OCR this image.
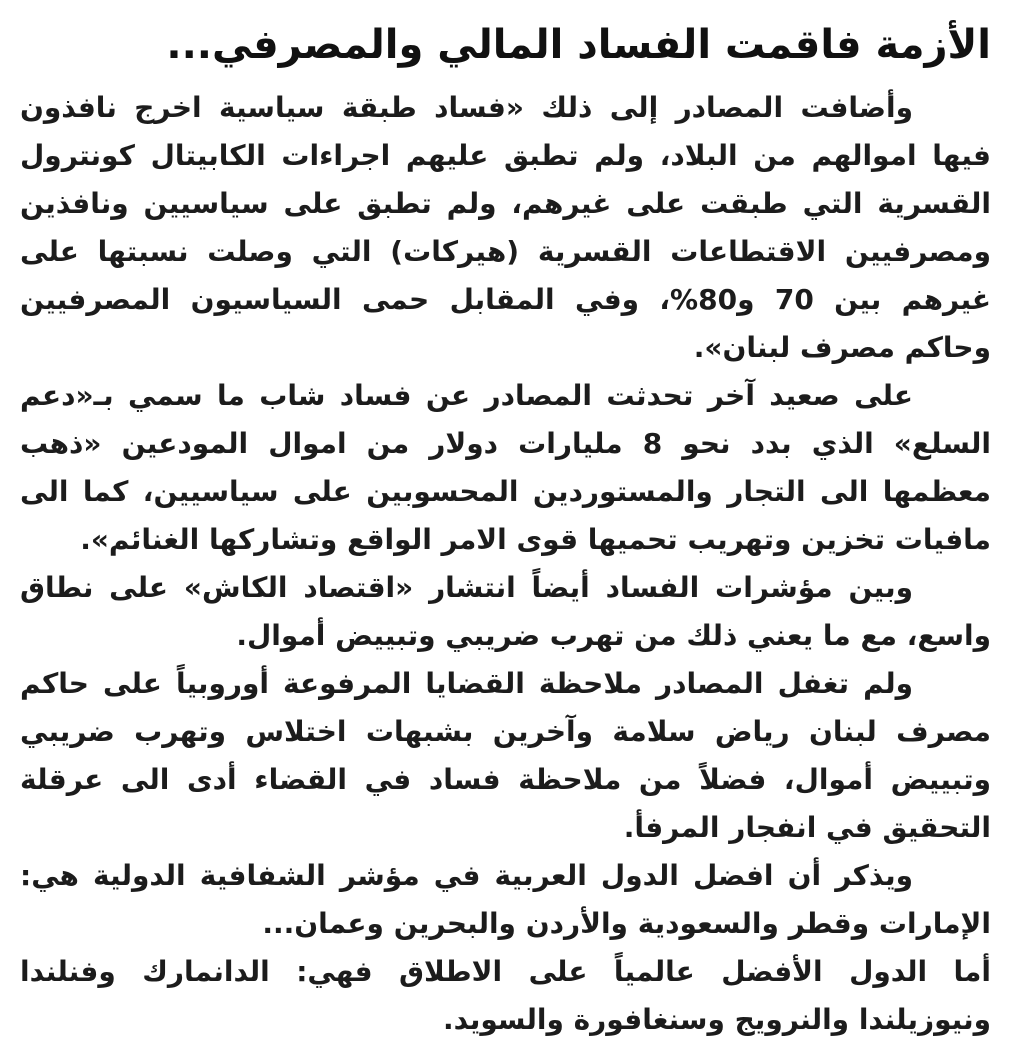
الأزمة فاقمت الفساد المالي والمصرفي...

وأضافت المصادر إلى ذلك «فساد طبقة سياسية اخرج نافذون فيها اموالهم من البلاد، ولم تطبق عليهم اجراءات الكابيتال كونترول القسرية التي طبقت على غيرهم، ولم تطبق على سياسيين ونافذين ومصرفيين الاقتطاعات القسرية (هيركات) التي وصلت نسبتها على غيرهم بين 70 و80%، وفي المقابل حمى السياسيون المصرفيين وحاكم مصرف لبنان».

على صعيد آخر تحدثت المصادر عن فساد شاب ما سمي بـ«دعم السلع» الذي بدد نحو 8 مليارات دولار من اموال المودعين «ذهب معظمها الى التجار والمستوردين المحسوبين على سياسيين، كما الى مافيات تخزين وتهريب تحميها قوى الامر الواقع وتشاركها الغنائم».

وبين مؤشرات الفساد أيضاً انتشار «اقتصاد الكاش» على نطاق واسع، مع ما يعني ذلك من تهرب ضريبي وتبييض أموال.

ولم تغفل المصادر ملاحظة القضايا المرفوعة أوروبياً على حاكم مصرف لبنان رياض سلامة وآخرين بشبهات اختلاس وتهرب ضريبي وتبييض أموال، فضلاً من ملاحظة فساد في القضاء أدى الى عرقلة التحقيق في انفجار المرفأ.

ويذكر أن افضل الدول العربية في مؤشر الشفافية الدولية هي: الإمارات وقطر والسعودية والأردن والبحرين وعمان...

أما الدول الأفضل عالمياً على الاطلاق فهي: الدانمارك وفنلندا ونيوزيلندا والنرويج وسنغافورة والسويد.
